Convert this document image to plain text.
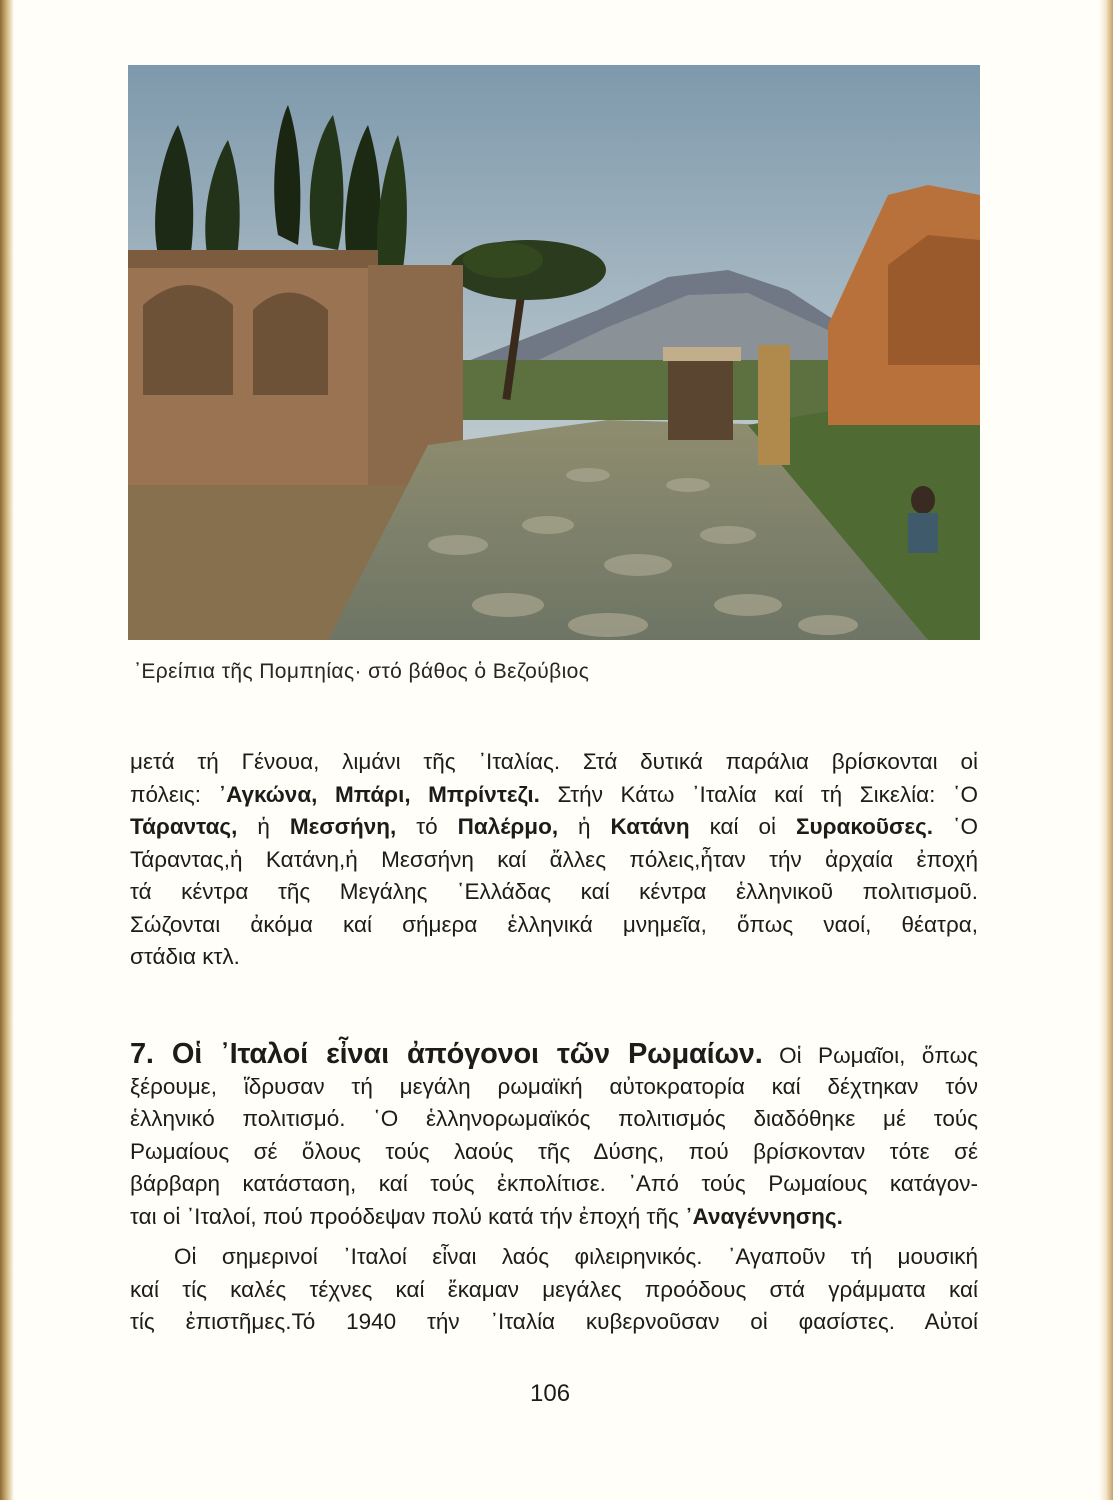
᾿Ερείπια τῆς Πομπηίας· στό βάθος ὁ Βεζούβιος
μετά τή Γένουα, λιμάνι τῆς ᾿Ιταλίας. Στά δυτικά παράλια βρίσκονται οἱ
πόλεις: ᾿Αγκώνα, Μπάρι, Μπρίντεζι. Στήν Κάτω ᾿Ιταλία καί τή Σικελία: ῾Ο
Τάραντας, ἡ Μεσσήνη, τό Παλέρμο, ἡ Κατάνη καί οἱ Συρακοῦσες. ῾Ο
Τάραντας,ἡ Κατάνη,ἡ Μεσσήνη καί ἄλλες πόλεις,ἦταν τήν ἀρχαία ἐποχή
τά κέντρα τῆς Μεγάλης ῾Ελλάδας καί κέντρα ἑλληνικοῦ πολιτισμοῦ.
Σώζονται ἀκόμα καί σήμερα ἑλληνικά μνημεῖα, ὅπως ναοί, θέατρα,
στάδια κτλ.
7. Οἱ ᾿Ιταλοί εἶναι ἀπόγονοι τῶν Ρωμαίων. Οἱ Ρωμαῖοι, ὅπως
ξέρουμε, ἵδρυσαν τή μεγάλη ρωμαϊκή αὐτοκρατορία καί δέχτηκαν τόν
ἑλληνικό πολιτισμό. ῾Ο ἑλληνορωμαϊκός πολιτισμός διαδόθηκε μέ τούς
Ρωμαίους σέ ὅλους τούς λαούς τῆς Δύσης, πού βρίσκονταν τότε σέ
βάρβαρη κατάσταση, καί τούς ἐκπολίτισε. ᾿Από τούς Ρωμαίους κατάγον-
ται οἱ ᾿Ιταλοί, πού προόδεψαν πολύ κατά τήν ἐποχή τῆς ᾿Αναγέννησης.
Οἱ σημερινοί ᾿Ιταλοί εἶναι λαός φιλειρηνικός. ᾿Αγαποῦν τή μουσική
καί τίς καλές τέχνες καί ἔκαμαν μεγάλες προόδους στά γράμματα καί
τίς ἐπιστῆμες.Τό 1940 τήν ᾿Ιταλία κυβερνοῦσαν οἱ φασίστες. Αὐτοί
106
